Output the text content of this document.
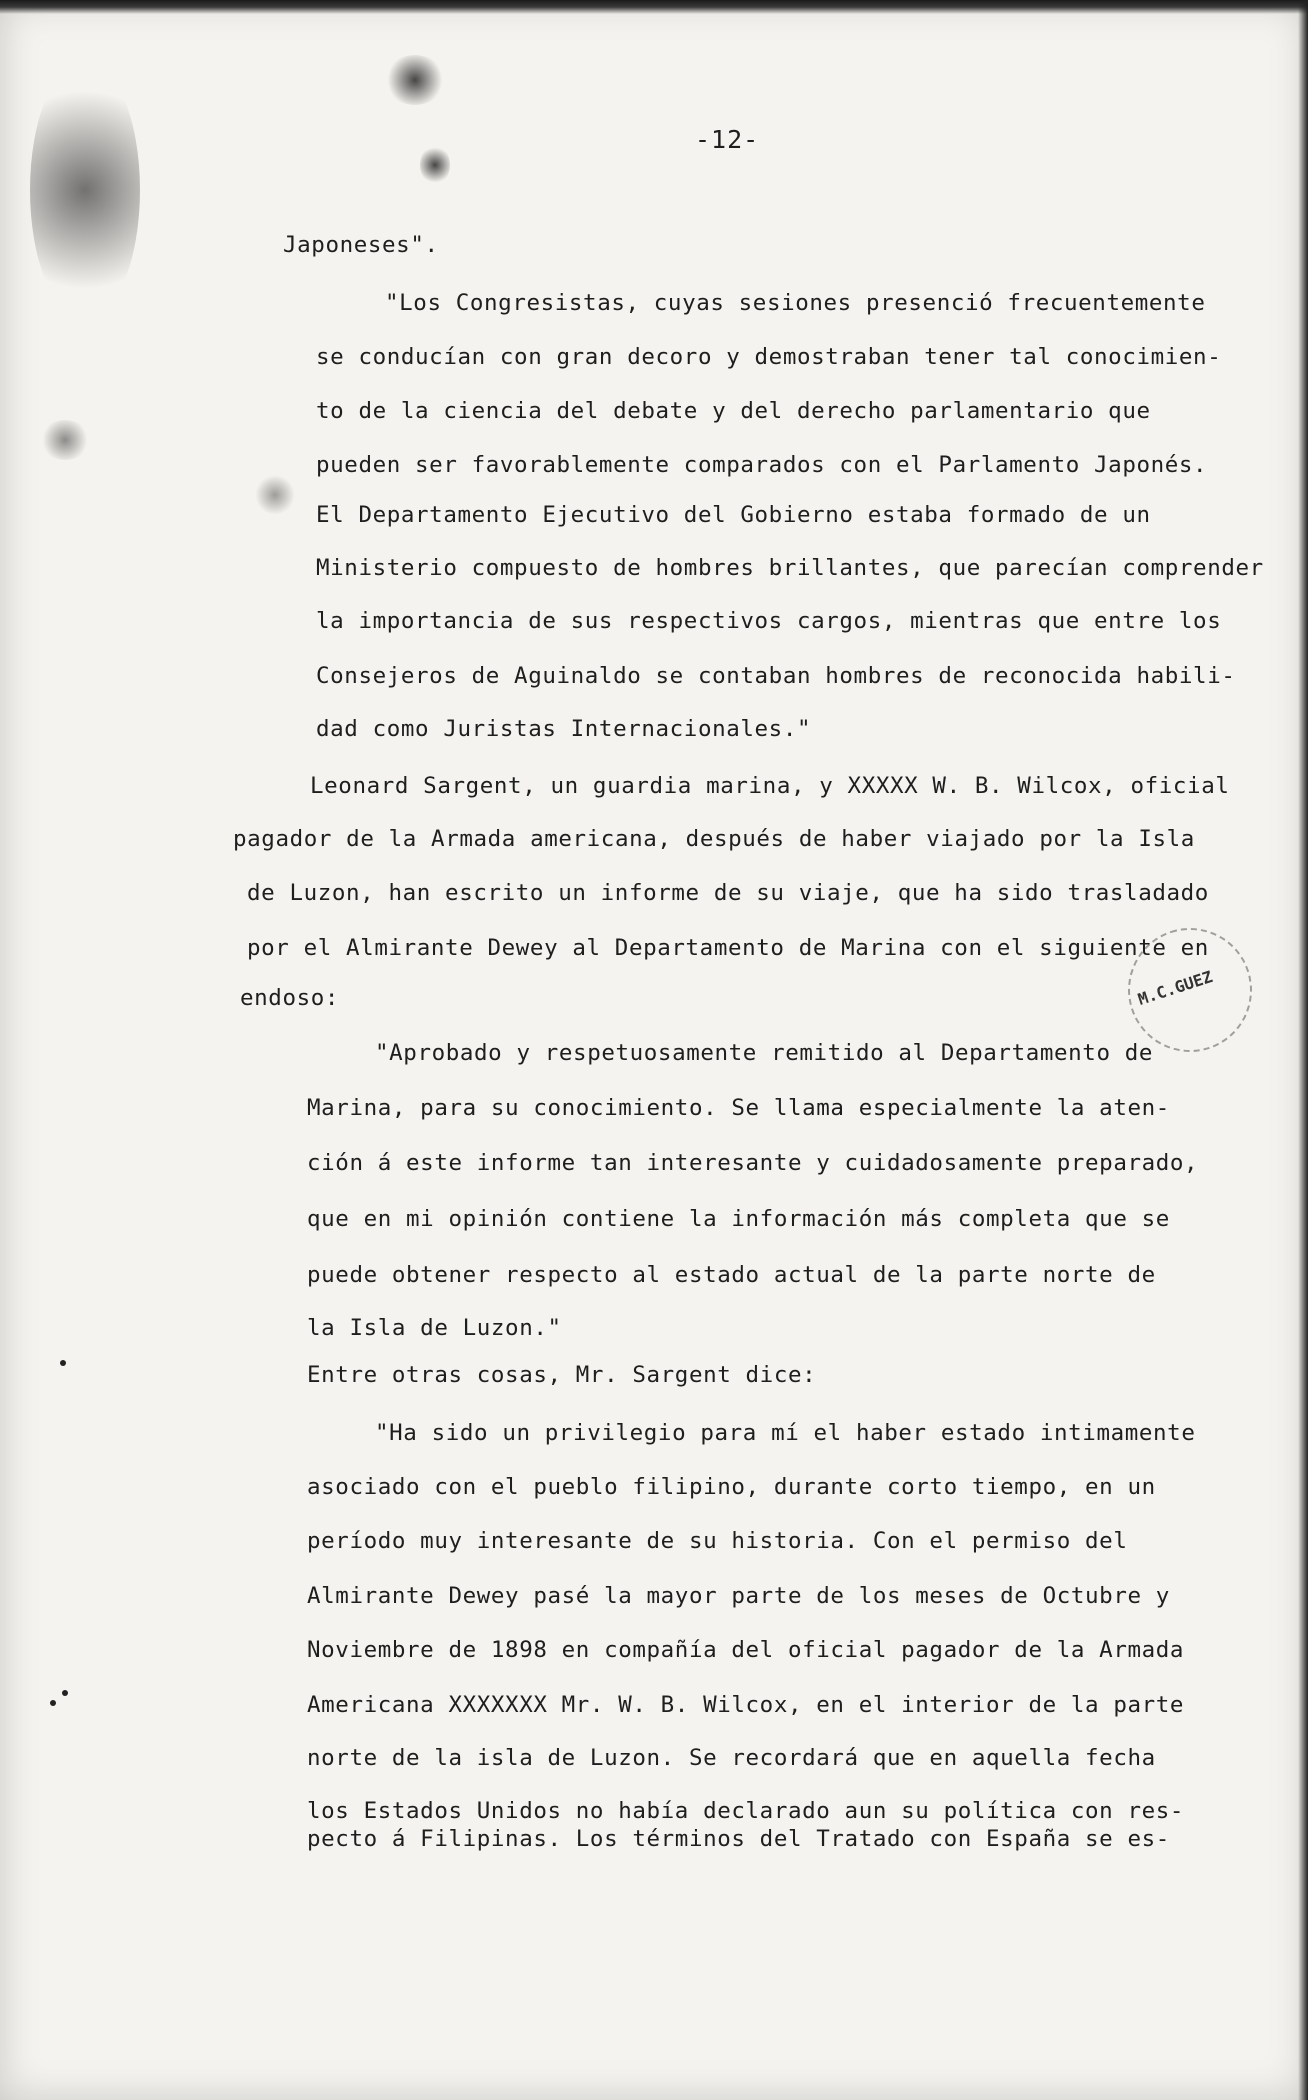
M.C.GUEZ
-12-
Japoneses".
"Los Congresistas, cuyas sesiones presenció frecuentemente
se conducían con gran decoro y demostraban tener tal conocimien-
to de la ciencia del debate y del derecho parlamentario que
pueden ser favorablemente comparados con el Parlamento Japonés.
El Departamento Ejecutivo del Gobierno estaba formado de un
Ministerio compuesto de hombres brillantes, que parecían comprender
la importancia de sus respectivos cargos, mientras que entre los
Consejeros de Aguinaldo se contaban hombres de reconocida habili-
dad como Juristas Internacionales."
Leonard Sargent, un guardia marina, y XXXXX W. B. Wilcox, oficial
pagador de la Armada americana, después de haber viajado por la Isla
de Luzon, han escrito un informe de su viaje, que ha sido trasladado
por el Almirante Dewey al Departamento de Marina con el siguiente en
endoso:
"Aprobado y respetuosamente remitido al Departamento de
Marina, para su conocimiento. Se llama especialmente la aten-
ción á este informe tan interesante y cuidadosamente preparado,
que en mi opinión contiene la información más completa que se
puede obtener respecto al estado actual de la parte norte de
la Isla de Luzon."
Entre otras cosas, Mr. Sargent dice:
"Ha sido un privilegio para mí el haber estado intimamente
asociado con el pueblo filipino, durante corto tiempo, en un
período muy interesante de su historia. Con el permiso del
Almirante Dewey pasé la mayor parte de los meses de Octubre y
Noviembre de 1898 en compañía del oficial pagador de la Armada
Americana XXXXXXX Mr. W. B. Wilcox, en el interior de la parte
norte de la isla de Luzon. Se recordará que en aquella fecha
los Estados Unidos no había declarado aun su política con res-
pecto á Filipinas. Los términos del Tratado con España se es-
